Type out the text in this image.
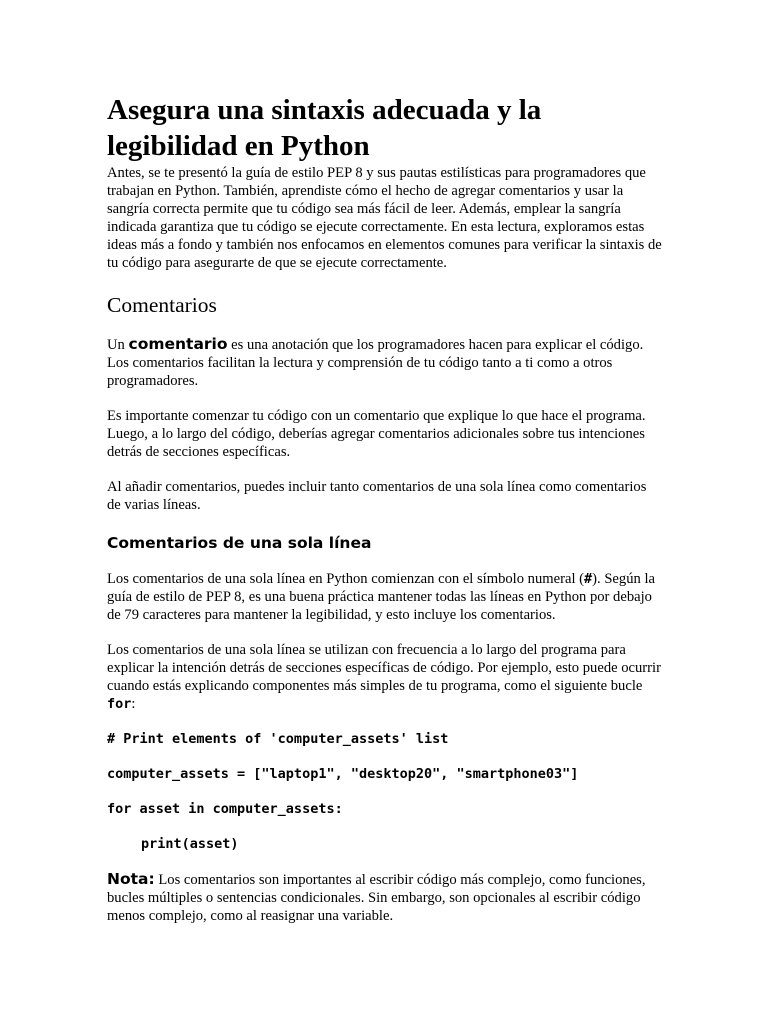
Asegura una sintaxis adecuada y la legibilidad en Python

Antes, se te presentó la guía de estilo PEP 8 y sus pautas estilísticas para programadores que trabajan en Python. También, aprendiste cómo el hecho de agregar comentarios y usar la sangría correcta permite que tu código sea más fácil de leer. Además, emplear la sangría indicada garantiza que tu código se ejecute correctamente. En esta lectura, exploramos estas ideas más a fondo y también nos enfocamos en elementos comunes para verificar la sintaxis de tu código para asegurarte de que se ejecute correctamente.

Comentarios

Un comentario es una anotación que los programadores hacen para explicar el código. Los comentarios facilitan la lectura y comprensión de tu código tanto a ti como a otros programadores.

Es importante comenzar tu código con un comentario que explique lo que hace el programa. Luego, a lo largo del código, deberías agregar comentarios adicionales sobre tus intenciones detrás de secciones específicas.

Al añadir comentarios, puedes incluir tanto comentarios de una sola línea como comentarios de varias líneas.

Comentarios de una sola línea

Los comentarios de una sola línea en Python comienzan con el símbolo numeral (#). Según la guía de estilo de PEP 8, es una buena práctica mantener todas las líneas en Python por debajo de 79 caracteres para mantener la legibilidad, y esto incluye los comentarios.

Los comentarios de una sola línea se utilizan con frecuencia a lo largo del programa para explicar la intención detrás de secciones específicas de código. Por ejemplo, esto puede ocurrir cuando estás explicando componentes más simples de tu programa, como el siguiente bucle for:

# Print elements of 'computer_assets' list
computer_assets = ["laptop1", "desktop20", "smartphone03"]
for asset in computer_assets:
print(asset)

Nota: Los comentarios son importantes al escribir código más complejo, como funciones, bucles múltiples o sentencias condicionales. Sin embargo, son opcionales al escribir código menos complejo, como al reasignar una variable.
